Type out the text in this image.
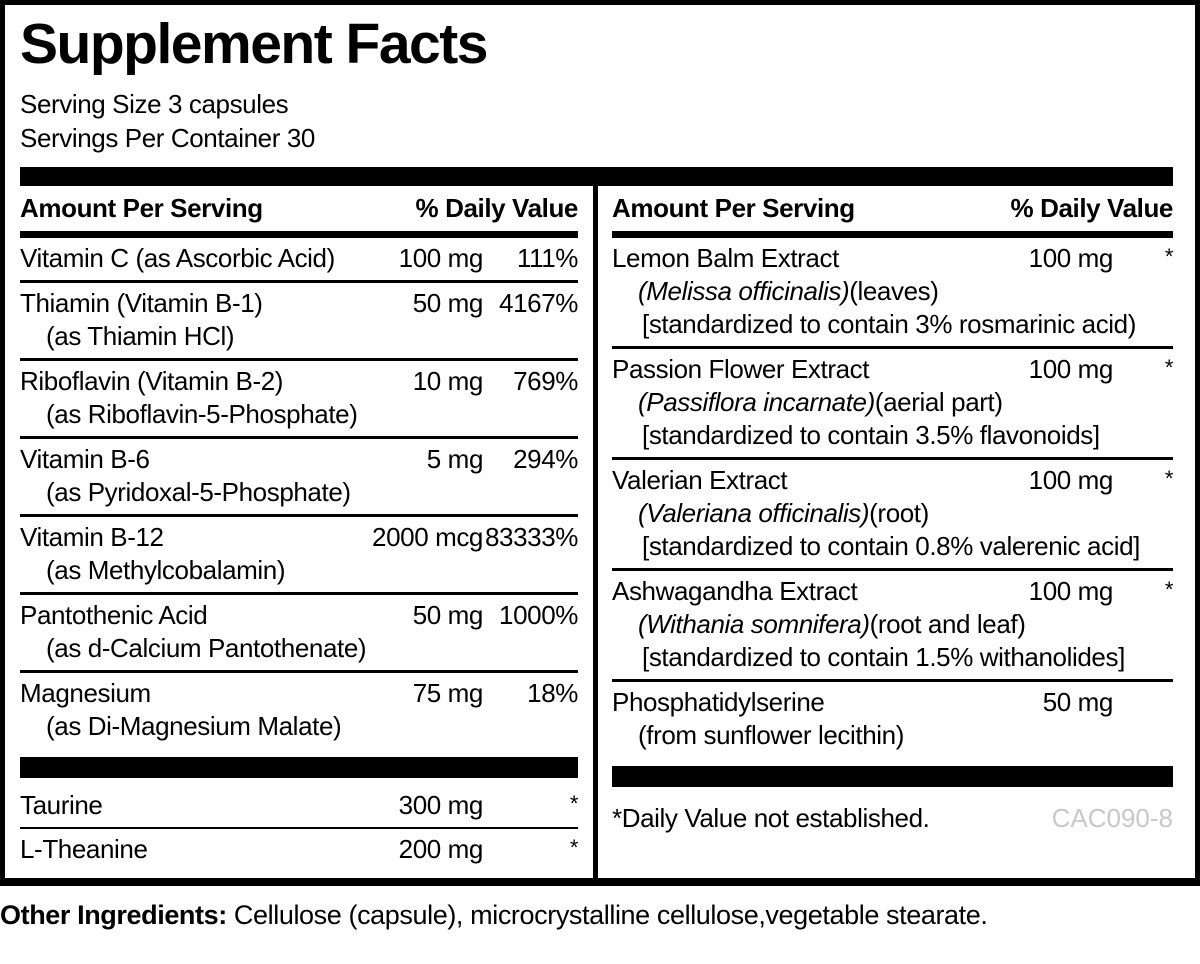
Supplement Facts
Serving Size 3 capsules
Servings Per Container 30
Amount Per Serving	% Daily Value
Vitamin C (as Ascorbic Acid)	100 mg	111%
Thiamin (Vitamin B-1)	50 mg 4167%
(as Thiamin HCl)
Riboflavin (Vitamin B-2)	10 mg	769%
(as Riboflavin-5-Phosphate)
Vitamin B-6	5 mg	294%
(as Pyridoxal-5-Phosphate)
Vitamin B-12	2000 mcg 83333%
(as Methylcobalamin)
Pantothenic Acid	50 mg 1000%
(as d-Calcium Pantothenate)
Magnesium	75 mg	18%
(as Di-Magnesium Malate)
Taurine	300 mg	*
L-Theanine	200 mg	*
Amount Per Serving	% Daily Value
Lemon Balm Extract	100 mg	*
(Melissa officinalis)(leaves)
[standardized to contain 3% rosmarinic acid)
Passion Flower Extract	100 mg	*
(Passiflora incarnate)(aerial part)
[standardized to contain 3.5% flavonoids]
Valerian Extract	100 mg	*
(Valeriana officinalis)(root)
[standardized to contain 0.8% valerenic acid]
Ashwagandha Extract	100 mg	*
(Withania somnifera)(root and leaf)
[standardized to contain 1.5% withanolides]
Phosphatidylserine	50 mg
(from sunflower lecithin)
*Daily Value not established.	CAC090-8
Other Ingredients: Cellulose (capsule), microcrystalline cellulose,vegetable stearate.
